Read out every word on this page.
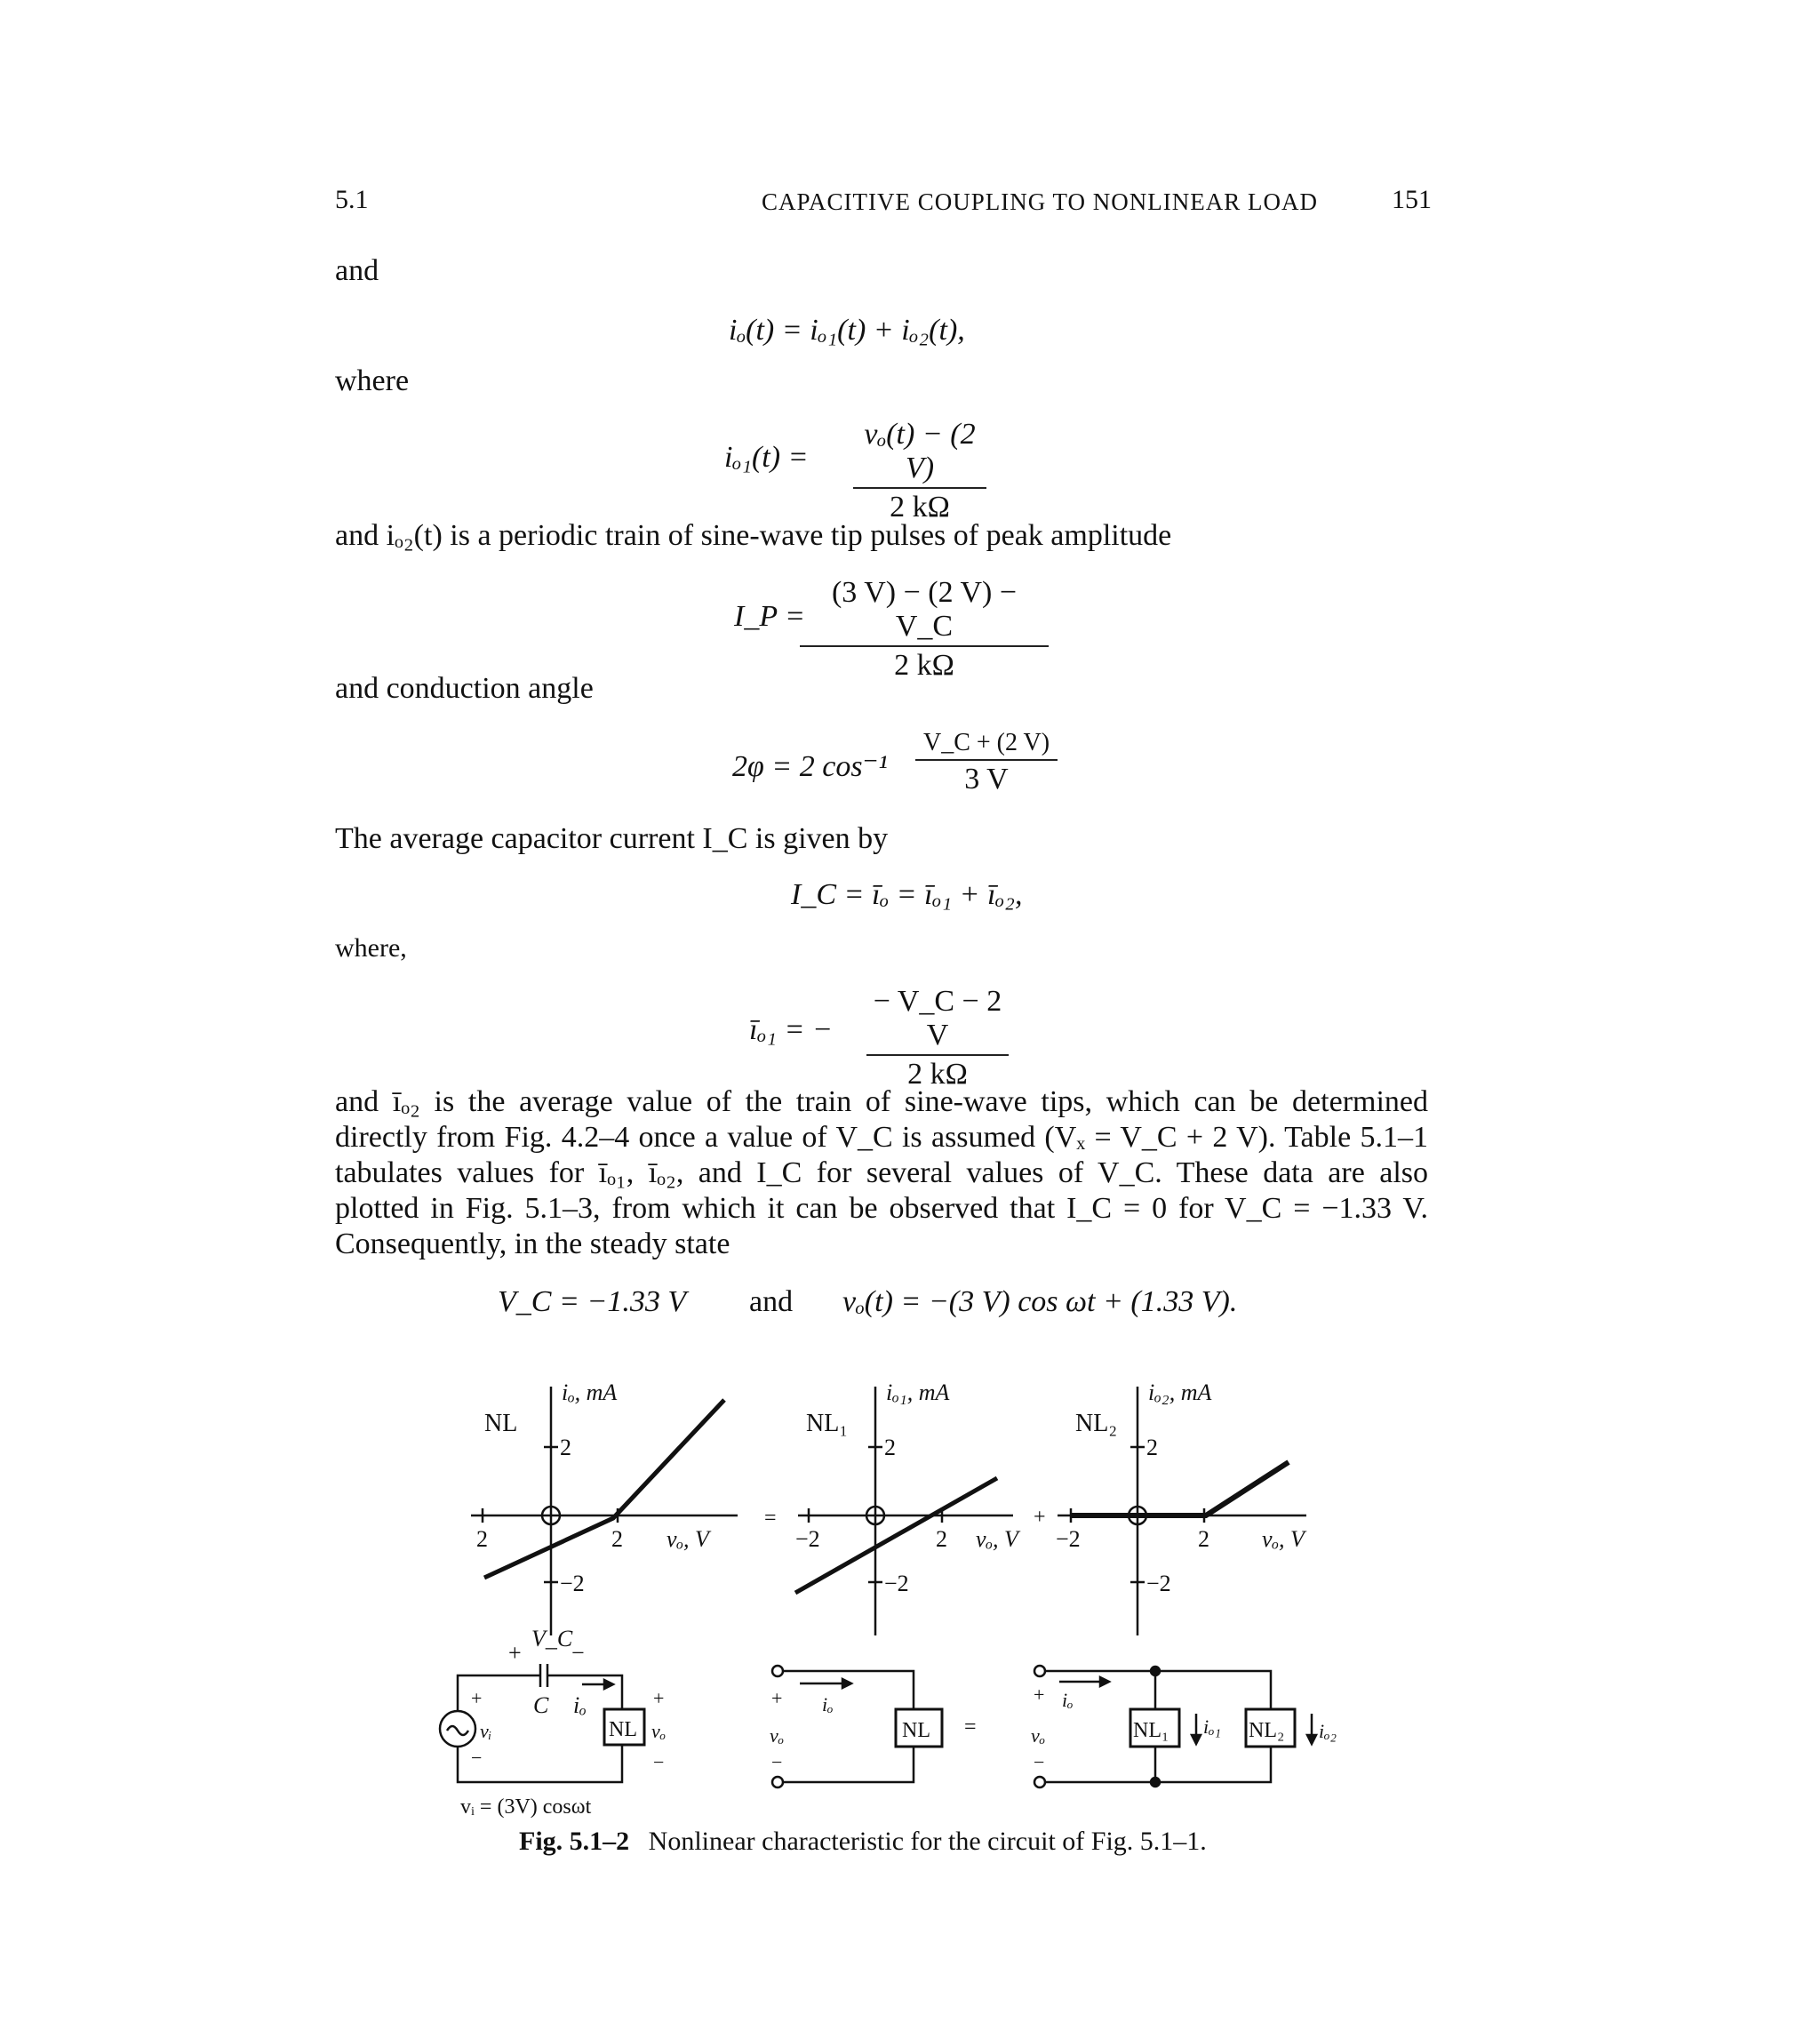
5.1	CAPACITIVE COUPLING TO NONLINEAR LOAD	151
and
iₒ(t) = iₒ₁(t) + iₒ₂(t),
where
iₒ₁(t) =
vₒ(t) − (2 V)
2 kΩ
and iₒ₂(t) is a periodic train of sine-wave tip pulses of peak amplitude
I_P =
(3 V) − (2 V) − V_C
2 kΩ
and conduction angle
2φ = 2 cos⁻¹
V_C + (2 V)
3 V
The average capacitor current I_C is given by
I_C = īₒ = īₒ₁ + īₒ₂,
where,
īₒ₁ = −
− V_C − 2 V
2 kΩ
and īₒ₂ is the average value of the train of sine-wave tips, which can be determined
directly from Fig. 4.2–4 once a value of V_C is assumed (Vₓ = V_C + 2 V). Table 5.1–1
tabulates values for īₒ₁, īₒ₂, and I_C for several values of V_C. These data are also
plotted in Fig. 5.1–3, from which it can be observed that I_C = 0 for V_C = −1.33 V.
Consequently, in the steady state
V_C = −1.33 V and vₒ(t) = −(3 V) cos ωt + (1.33 V).
NL
iₒ, mA
2
−2
2	2 vₒ, V
=
NL₁
iₒ₁, mA
2
−2
−2	2 vₒ, V
+
NL₂
iₒ₂, mA
2
−2
−2	2 vₒ, V
V_C
+ −
C iₒ
NL
vᵢ	vₒ
+
−
+
−
vᵢ = (3V) cosωt
+
vₒ
−
iₒ
NL =
+
vₒ
−
iₒ
NL₁	NL₂
iₒ₁	iₒ₂
Fig. 5.1–2 Nonlinear characteristic for the circuit of Fig. 5.1–1.
